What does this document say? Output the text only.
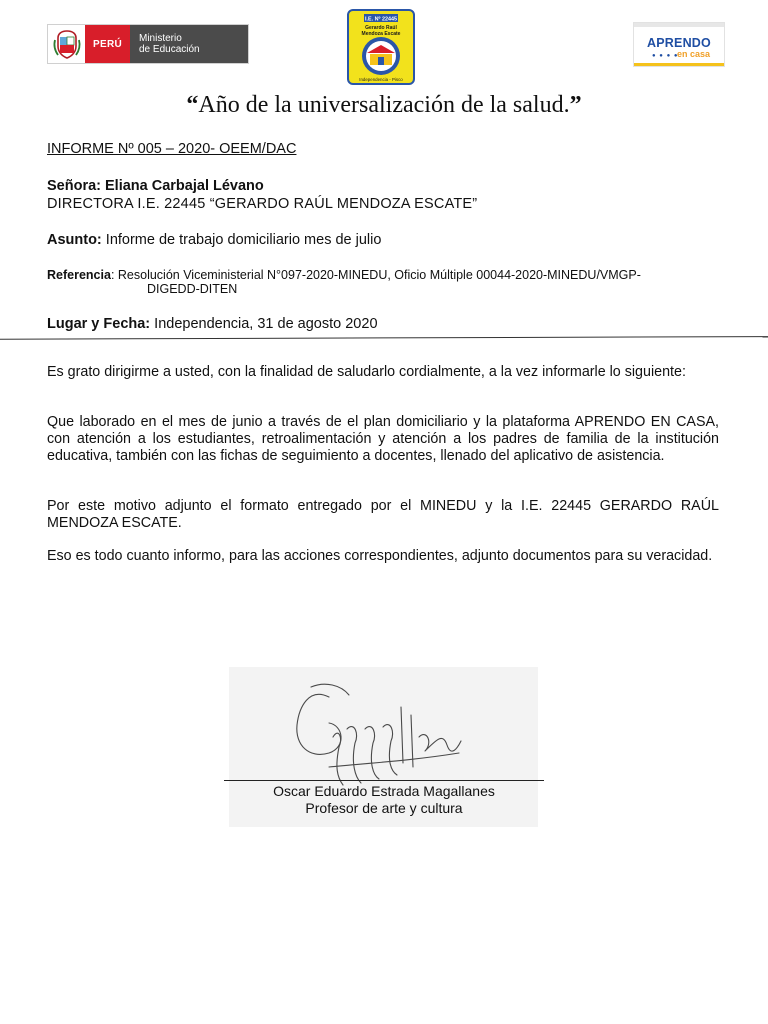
PERÚ	Ministerio
de Educación
I.E. Nº 22445
Gerardo Raúl
Mendoza Escate
Independencia - Pisco
APRENDO
● ● ● ●
en casa
“Año de la universalización de la salud.”
INFORME Nº 005 – 2020- OEEM/DAC
Señora: Eliana Carbajal Lévano
DIRECTORA I.E. 22445 “GERARDO RAÚL MENDOZA ESCATE”
Asunto: Informe de trabajo domiciliario mes de julio
Referencia: Resolución Viceministerial N°097-2020-MINEDU, Oficio Múltiple 00044-2020-MINEDU/VMGP-
DIGEDD-DITEN
Lugar y Fecha: Independencia, 31 de agosto 2020
Es grato dirigirme a usted, con la finalidad de saludarlo cordialmente, a la vez informarle lo siguiente:
Que laborado en el mes de junio a través de el plan domiciliario y la plataforma APRENDO EN CASA, con atención a los estudiantes, retroalimentación y atención a los padres de familia de la institución educativa, también con las fichas de seguimiento a docentes, llenado del aplicativo de asistencia.
Por este motivo adjunto el formato entregado por el MINEDU y la I.E. 22445 GERARDO RAÚL MENDOZA ESCATE.
Eso es todo cuanto informo, para las acciones correspondientes, adjunto documentos para su veracidad.
Oscar Eduardo Estrada Magallanes
Profesor de arte y cultura
